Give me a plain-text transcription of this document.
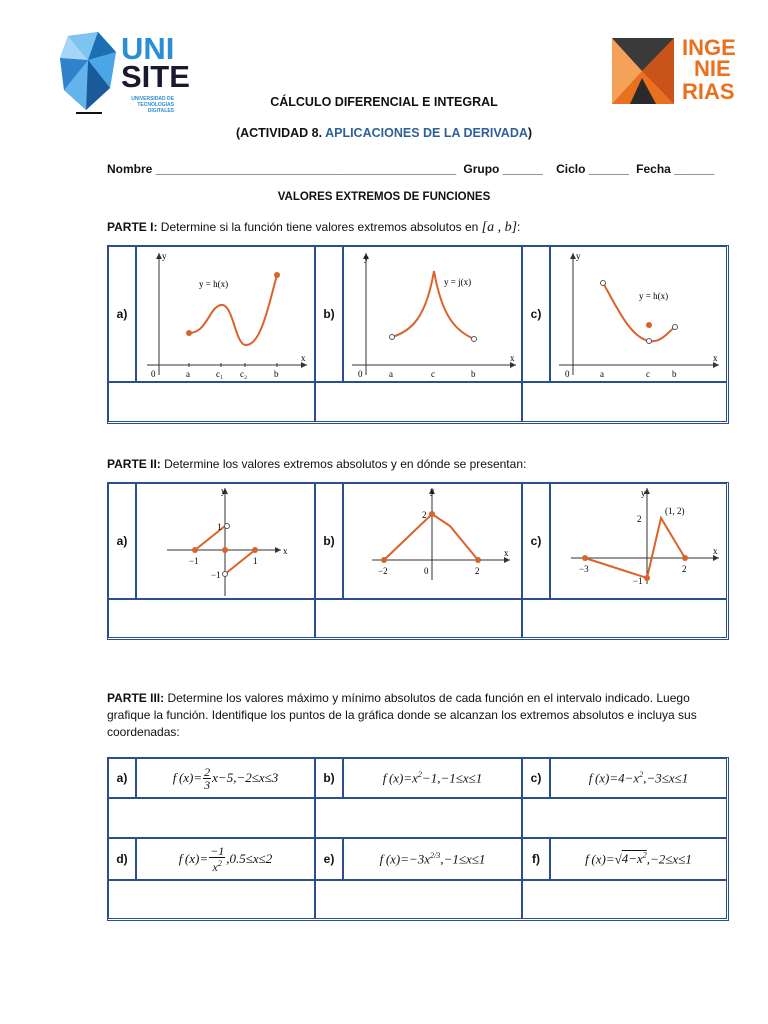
UNI
SITE
UNIVERSIDAD DE
TECNOLOGÍAS
DIGITALES
INGE
NIE
RIAS
CÁLCULO DIFERENCIAL E INTEGRAL
(ACTIVIDAD 8. APLICACIONES DE LA DERIVADA)
Nombre _____________________________________________ Grupo ______ Ciclo ______ Fecha ______
VALORES EXTREMOS DE FUNCIONES
PARTE I: Determine si la función tiene valores extremos absolutos en [a , b]:
a)
y
x
y = h(x)
0	a	c₁ c₂	b
b)
y
x
y = j(x)
0	a	c	b
c)
y
x
y = h(x)
0	a	c b
PARTE II: Determine los valores extremos absolutos y en dónde se presentan:
a)
y
x
1
−1	1
−1
b)
y
x
2
−2	0	2
c)
y
x
(1, 2)
2
−3
−1
2
PARTE III: Determine los valores máximo y mínimo absolutos de cada función en el intervalo indicado. Luego grafique la función. Identifique los puntos de la gráfica donde se alcanzan los extremos absolutos e incluya sus coordenadas:
a)	f $(x)= \frac{2}{3} x-5,-2\le x\le 3$	b)	f $(x)=x^2-1,-1\le x\le 1$	c)	f $(x)=4-x^2,-3\le x\le 1$
d)	f $(x)= \frac{-1}{x^2} ,0.5\le x\le 2$	e)	f $(x)=-3x^{2/3},-1\le x\le 1$	f)	f $(x)=√4-x^2,-2\le x\le 1$
